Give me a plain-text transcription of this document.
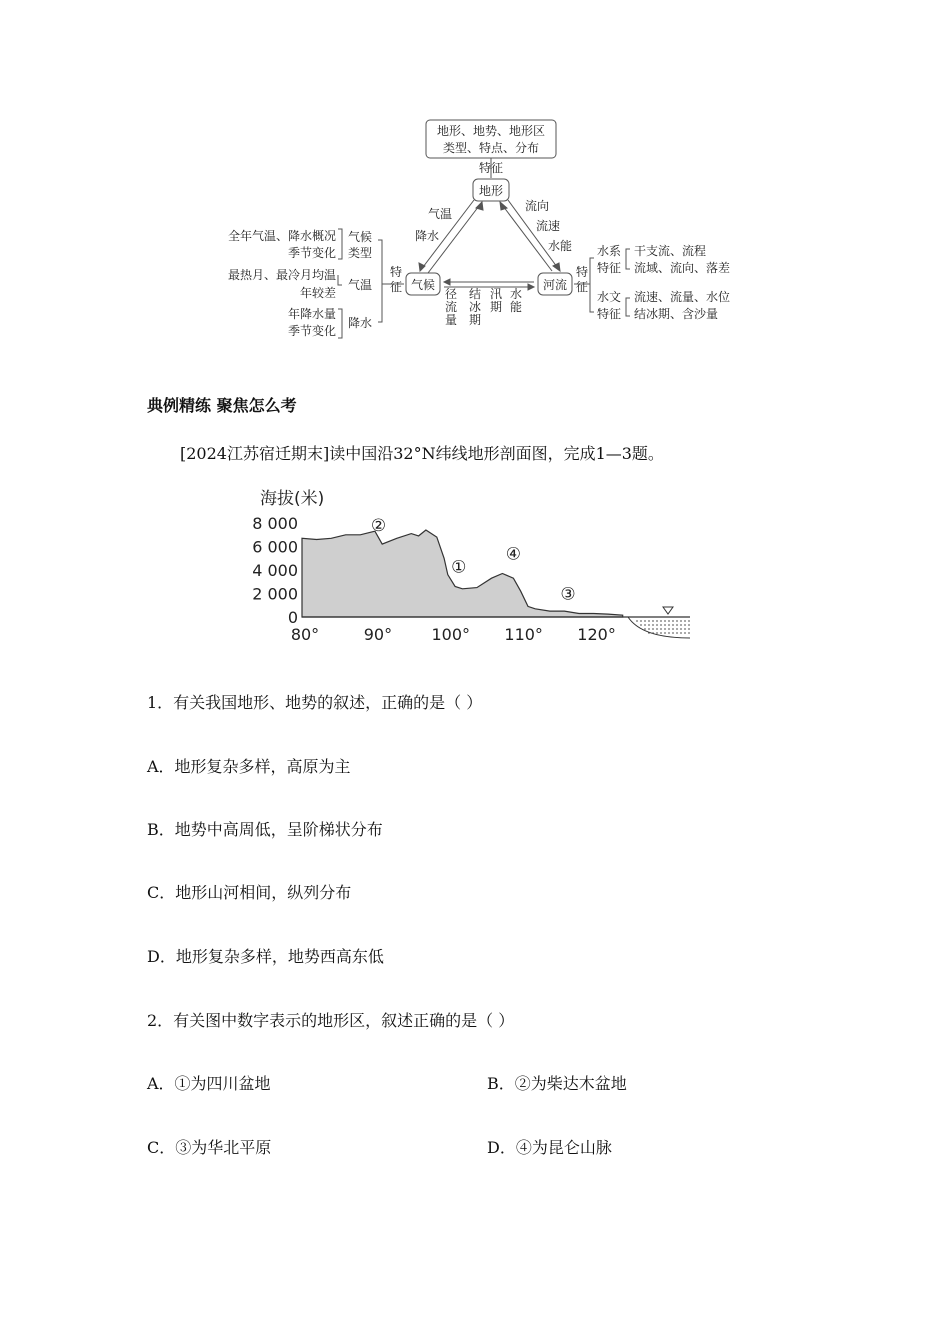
地形、地势、地形区
类型、特点、分布
特征
地形
气候	河流
气温
降水
流向
流速
水能
全年气温、降水概况
季节变化
气候
类型
最热月、最冷月均温
年较差
气温
年降水量
季节变化
降水
特征
特征
水系
特征
干支流、流程
流域、流向、落差
水文
特征
流速、流量、水位
结冰期、含沙量
径流量
结冰期
汛期
水能
典例精练 聚焦怎么考
[2024江苏宿迁期末]读中国沿32°N纬线地形剖面图，完成1—3题。
海拔(米)
8 000
6 000
4 000
2 000
0
80°	90° 100° 110° 120°
②
①
④
③
1．有关我国地形、地势的叙述，正确的是（ ）
A．地形复杂多样，高原为主
B．地势中高周低，呈阶梯状分布
C．地形山河相间，纵列分布
D．地形复杂多样，地势西高东低
2．有关图中数字表示的地形区，叙述正确的是（ ）
A．①为四川盆地	B．②为柴达木盆地
C．③为华北平原	D．④为昆仑山脉
